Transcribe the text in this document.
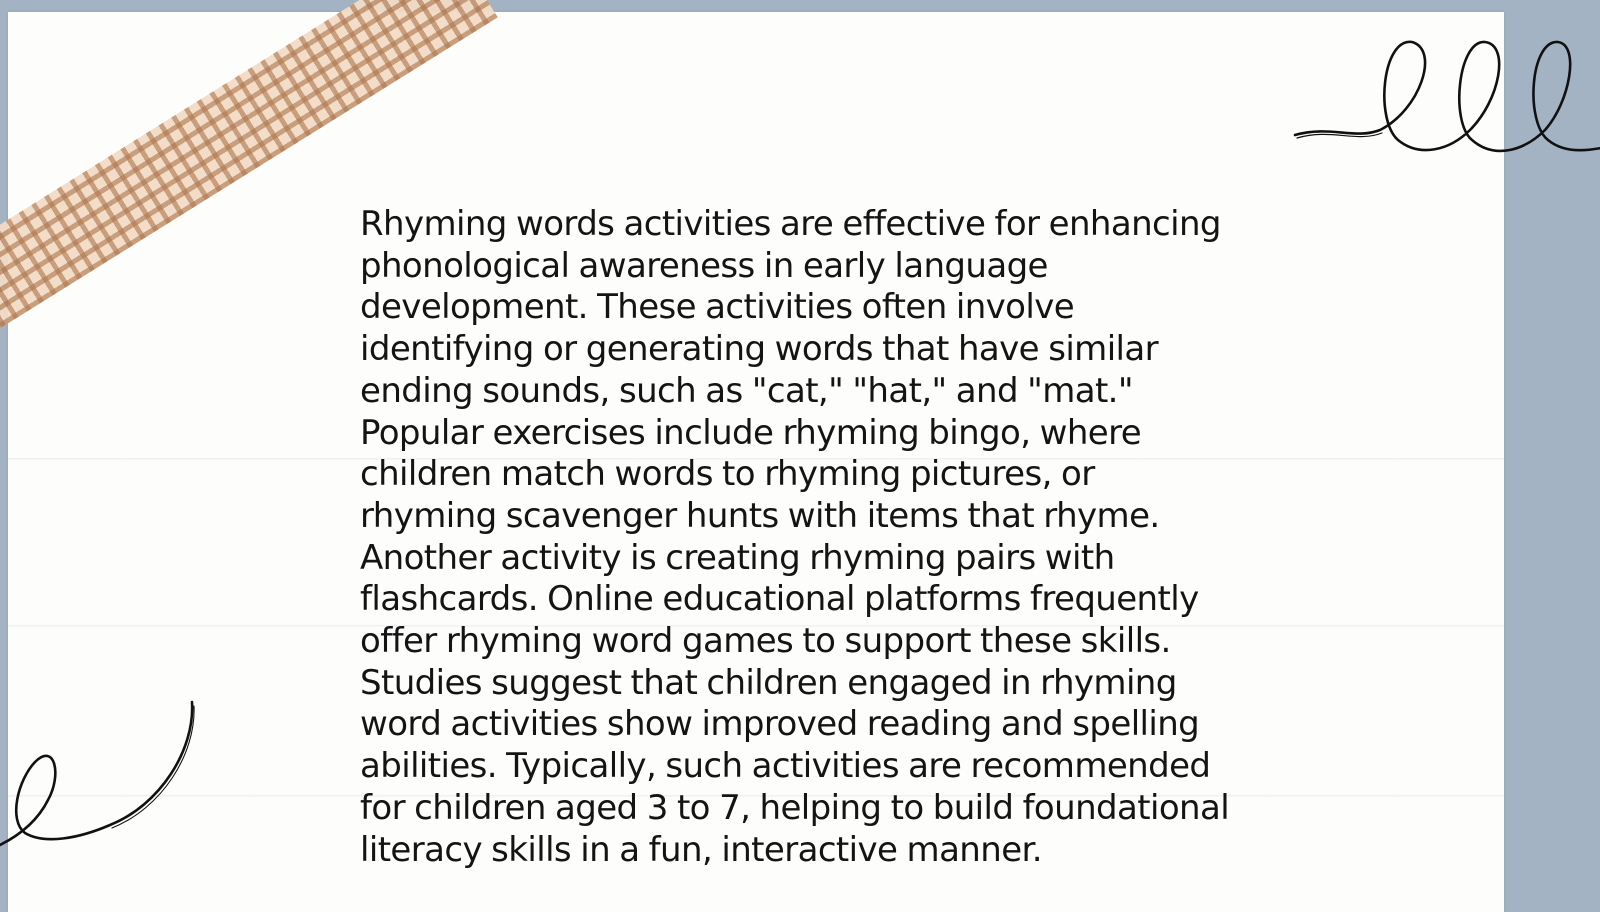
Rhyming words activities are effective for enhancing phonological awareness in early language development. These activities often involve identifying or generating words that have similar ending sounds, such as "cat," "hat," and "mat." Popular exercises include rhyming bingo, where children match words to rhyming pictures, or rhyming scavenger hunts with items that rhyme. Another activity is creating rhyming pairs with flashcards. Online educational platforms frequently offer rhyming word games to support these skills. Studies suggest that children engaged in rhyming word activities show improved reading and spelling abilities. Typically, such activities are recommended for children aged 3 to 7, helping to build foundational literacy skills in a fun, interactive manner.
